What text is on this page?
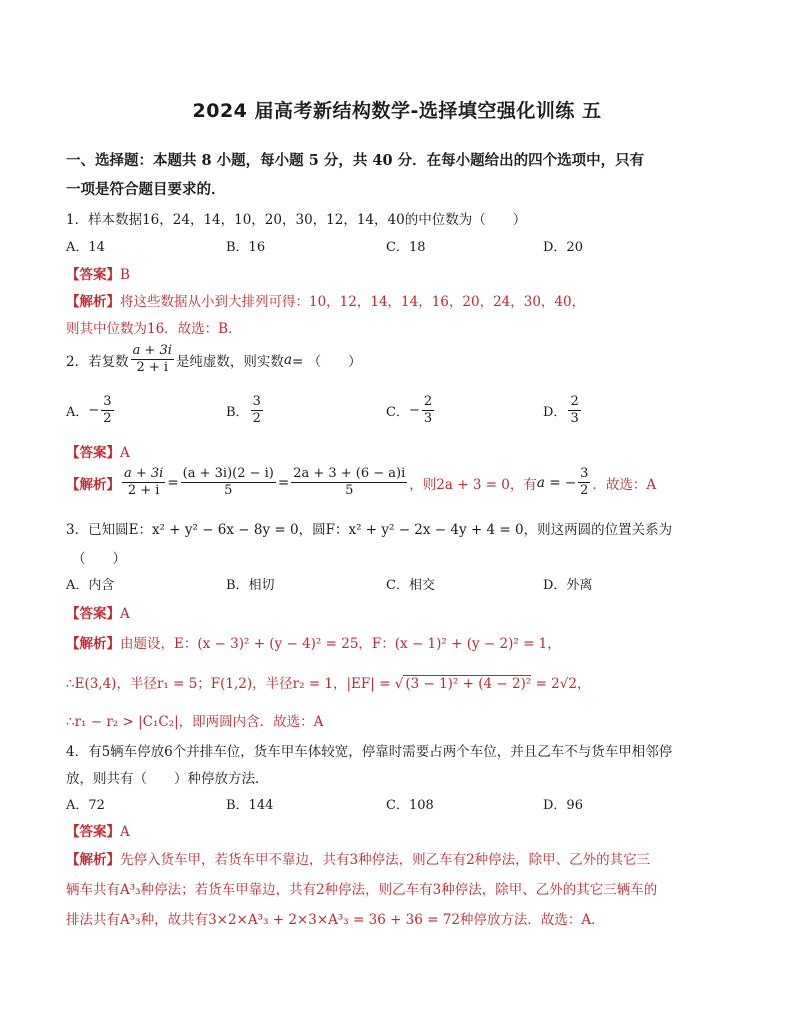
2024 届高考新结构数学-选择填空强化训练 五
一、选择题：本题共 8 小题，每小题 5 分，共 40 分．在每小题给出的四个选项中，只有
一项是符合题目要求的．
1．样本数据16，24，14，10，20，30，12，14，40的中位数为（　　）
A．14	B．16	C．18	D．20
【答案】B
【解析】将这些数据从小到大排列可得：10，12，14，14，16，20，24，30，40，
则其中位数为16．故选：B．
2．若复数 $\frac{a + 3i}{2 + i}$ 是纯虚数，则实数 a = （　　）
A． − $\frac{3}{2}$	B． $\frac{3}{2}$	C． − $\frac{2}{3}$	D． $\frac{2}{3}$
【答案】A
【解析】 $\frac{a + 3i}{2 + i} = \frac{(a + 3i)(2 - i)}{5} = \frac{2a + 3 + (6 - a)i}{5}$ ，则2a + 3 = 0，有 a = − $\frac{3}{2}$ ．故选：A
3．已知圆E：x² + y² − 6x − 8y = 0，圆F：x² + y² − 2x − 4y + 4 = 0，则这两圆的位置关系为
（　　）
A．内含	B．相切	C．相交	D．外离
【答案】A
【解析】由题设，E：(x − 3)² + (y − 4)² = 25，F：(x − 1)² + (y − 2)² = 1，
∴E(3,4)，半径r₁ = 5；F(1,2)，半径r₂ = 1，|EF| = √ (3 − 1)² + (4 − 2)² = 2√2，
∴r₁ − r₂ > |C₁C₂|，即两圆内含．故选：A
4．有5辆车停放6个并排车位，货车甲车体较宽，停靠时需要占两个车位，并且乙车不与货车甲相邻停
放，则共有（　　）种停放方法．
A．72	B．144	C．108	D．96
【答案】A
【解析】先停入货车甲，若货车甲不靠边，共有3种停法，则乙车有2种停法，除甲、乙外的其它三
辆车共有A³₃种停法；若货车甲靠边，共有2种停法，则乙车有3种停法，除甲、乙外的其它三辆车的
排法共有A³₃种，故共有3×2×A³₃ + 2×3×A³₃ = 36 + 36 = 72种停放方法．故选：A．
